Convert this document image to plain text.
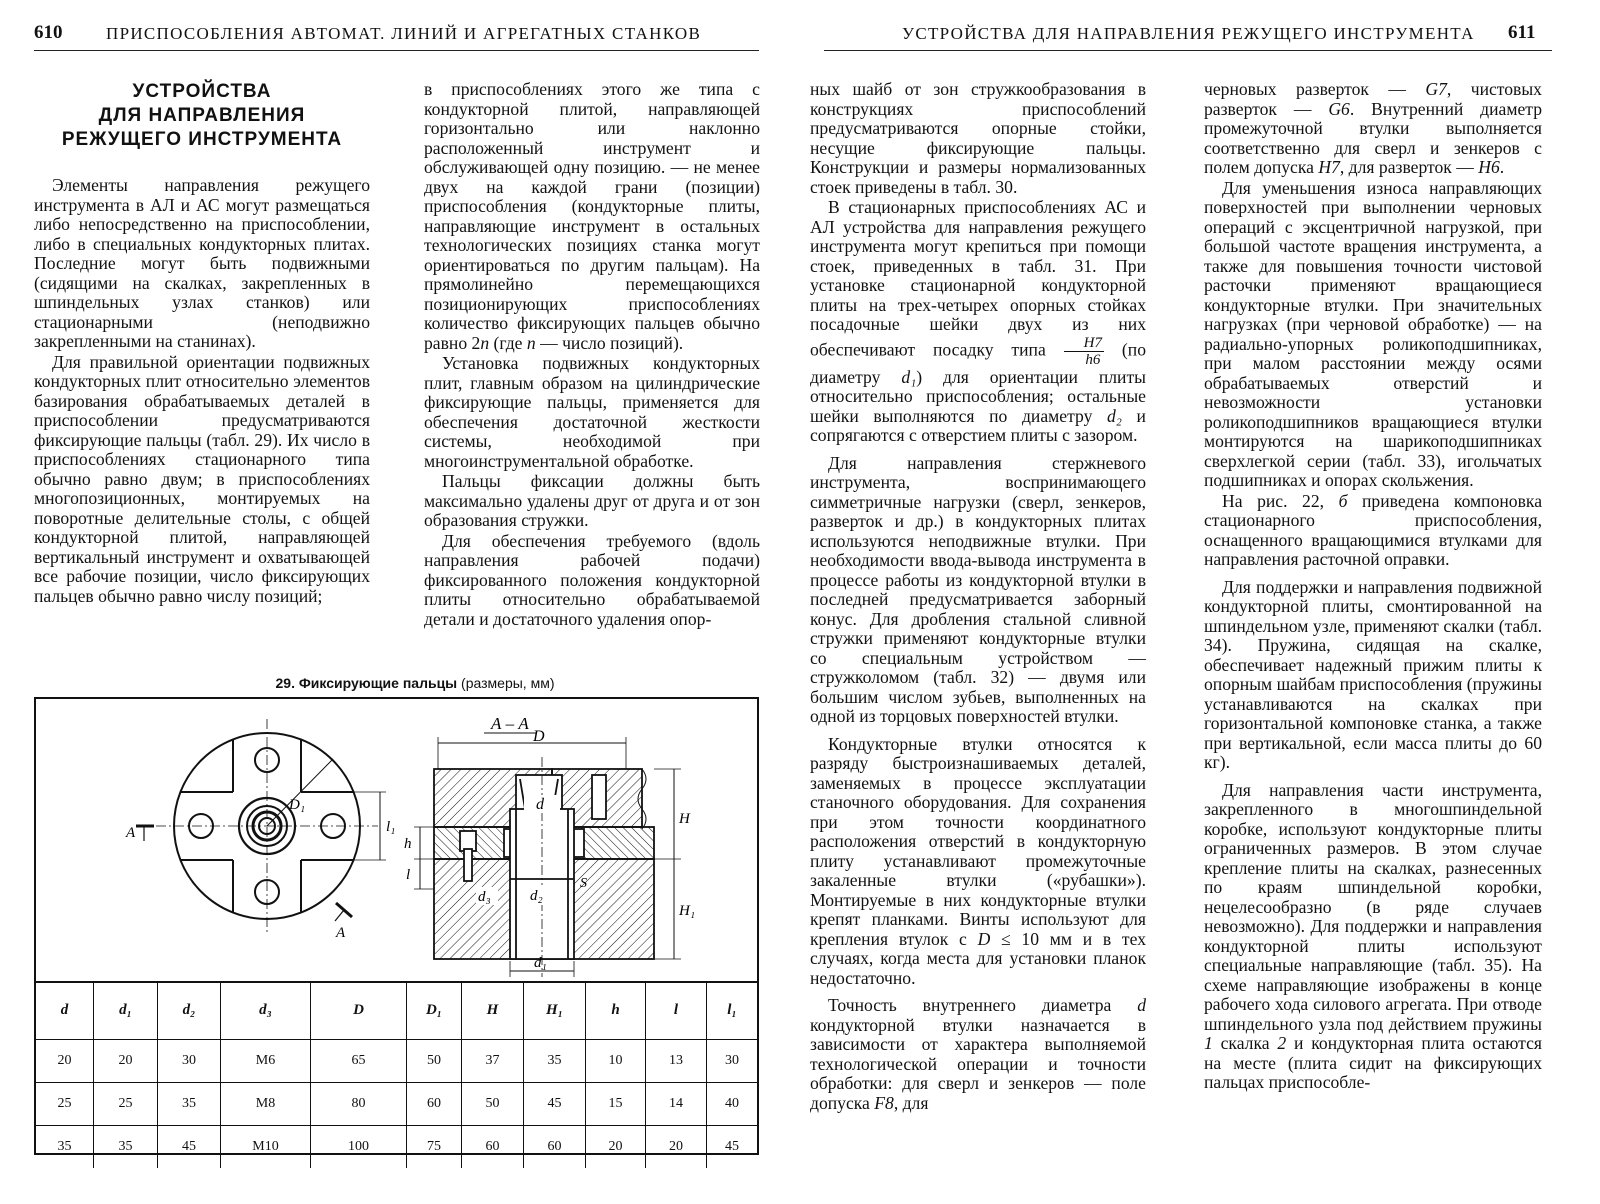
610	ПРИСПОСОБЛЕНИЯ АВТОМАТ. ЛИНИЙ И АГРЕГАТНЫХ СТАНКОВ
УСТРОЙСТВА
ДЛЯ НАПРАВЛЕНИЯ
РЕЖУЩЕГО ИНСТРУМЕНТА

Элементы направления режущего инструмента в АЛ и АС могут размещаться либо непосредственно на приспособлении, либо в специальных кондукторных плитах. Последние могут быть подвижными (сидящими на скалках, закрепленных в шпиндельных узлах станков) или стационарными (неподвижно закрепленными на станинах).

Для правильной ориентации подвижных кондукторных плит относительно элементов базирования обрабатываемых деталей в приспособлении предусматриваются фиксирующие пальцы (табл. 29). Их число в приспособлениях стационарного типа обычно равно двум; в приспособлениях многопозиционных, монтируемых на поворотные делительные столы, с общей кондукторной плитой, направляющей вертикальный инструмент и охватывающей все рабочие позиции, число фиксирующих пальцев обычно равно числу позиций;

в приспособлениях этого же типа с кондукторной плитой, направляющей горизонтально или наклонно расположенный инструмент и обслуживающей одну позицию. — не менее двух на каждой грани (позиции) приспособления (кондукторные плиты, направляющие инструмент в остальных технологических позициях станка могут ориентироваться по другим пальцам). На прямолинейно перемещающихся позиционирующих приспособлениях количество фиксирующих пальцев обычно равно 2n (где n — число позиций).

Установка подвижных кондукторных плит, главным образом на цилиндрические фиксирующие пальцы, применяется для обеспечения достаточной жесткости системы, необходимой при многоинструментальной обработке.

Пальцы фиксации должны быть максимально удалены друг от друга и от зон образования стружки.

Для обеспечения требуемого (вдоль направления рабочей подачи) фиксированного положения кондукторной плиты относительно обрабатываемой детали и достаточного удаления опор-

29. Фиксирующие пальцы (размеры, мм)
D₁
l₁
А
А
А – А
D
d
H
H₁
h
l
S
d₃	d₂
d₁
d	d₁	d₂	d₃	D	D₁	H	H₁	h	l	l₁
20	20	30	M6	65	50	37	35	10	13	30
25	25	35	M8	80	60	50	45	15	14	40
35	35	45	M10	100	75	60	60	20	20	45
УСТРОЙСТВА ДЛЯ НАПРАВЛЕНИЯ РЕЖУЩЕГО ИНСТРУМЕНТА 611

ных шайб от зон стружкообразования в конструкциях приспособлений предусматриваются опорные стойки, несущие фиксирующие пальцы. Конструкции и размеры нормализованных стоек приведены в табл. 30.

В стационарных приспособлениях АС и АЛ устройства для направления режущего инструмента могут крепиться при помощи стоек, приведенных в табл. 31. При установке стационарной кондукторной плиты на трех-четырех опорных стойках посадочные шейки двух из них обеспечивают посадку типа $\frac{H7}{h6} (по$ диаметру d₁) для ориентации плиты относительно приспособления; остальные шейки выполняются по диаметру d₂ и сопрягаются с отверстием плиты с зазором.

Для направления стержневого инструмента, воспринимающего симметричные нагрузки (сверл, зенкеров, разверток и др.) в кондукторных плитах используются неподвижные втулки. При необходимости ввода-вывода инструмента в процессе работы из кондукторной втулки в последней предусматривается заборный конус. Для дробления стальной сливной стружки применяют кондукторные втулки со специальным устройством — стружколомом (табл. 32) — двумя или большим числом зубьев, выполненных на одной из торцовых поверхностей втулки.

Кондукторные втулки относятся к разряду быстроизнашиваемых деталей, заменяемых в процессе эксплуатации станочного оборудования. Для сохранения при этом точности координатного расположения отверстий в кондукторную плиту устанавливают промежуточные закаленные втулки («рубашки»). Монтируемые в них кондукторные втулки крепят планками. Винты используют для крепления втулок с D ≤ 10 мм и в тех случаях, когда места для установки планок недостаточно.

Точность внутреннего диаметра d кондукторной втулки назначается в зависимости от характера выполняемой технологической операции и точности обработки: для сверл и зенкеров — поле допуска F8, для

черновых разверток — G7, чистовых разверток — G6. Внутренний диаметр промежуточной втулки выполняется соответственно для сверл и зенкеров с полем допуска H7, для разверток — H6.

Для уменьшения износа направляющих поверхностей при выполнении черновых операций с эксцентричной нагрузкой, при большой частоте вращения инструмента, а также для повышения точности чистовой расточки применяют вращающиеся кондукторные втулки. При значительных нагрузках (при черновой обработке) — на радиально-упорных роликоподшипниках, при малом расстоянии между осями обрабатываемых отверстий и невозможности установки роликоподшипников вращающиеся втулки монтируются на шарикоподшипниках сверхлегкой серии (табл. 33), игольчатых подшипниках и опорах скольжения.

На рис. 22, б приведена компоновка стационарного приспособления, оснащенного вращающимися втулками для направления расточной оправки.

Для поддержки и направления подвижной кондукторной плиты, смонтированной на шпиндельном узле, применяют скалки (табл. 34). Пружина, сидящая на скалке, обеспечивает надежный прижим плиты к опорным шайбам приспособления (пружины устанавливаются на скалках при горизонтальной компоновке станка, а также при вертикальной, если масса плиты до 60 кг).

Для направления части инструмента, закрепленного в многошпиндельной коробке, используют кондукторные плиты ограниченных размеров. В этом случае крепление плиты на скалках, разнесенных по краям шпиндельной коробки, нецелесообразно (в ряде случаев невозможно). Для поддержки и направления кондукторной плиты используют специальные направляющие (табл. 35). На схеме направляющие изображены в конце рабочего хода силового агрегата. При отводе шпиндельного узла под действием пружины 1 скалка 2 и кондукторная плита остаются на месте (плита сидит на фиксирующих пальцах приспособле-
